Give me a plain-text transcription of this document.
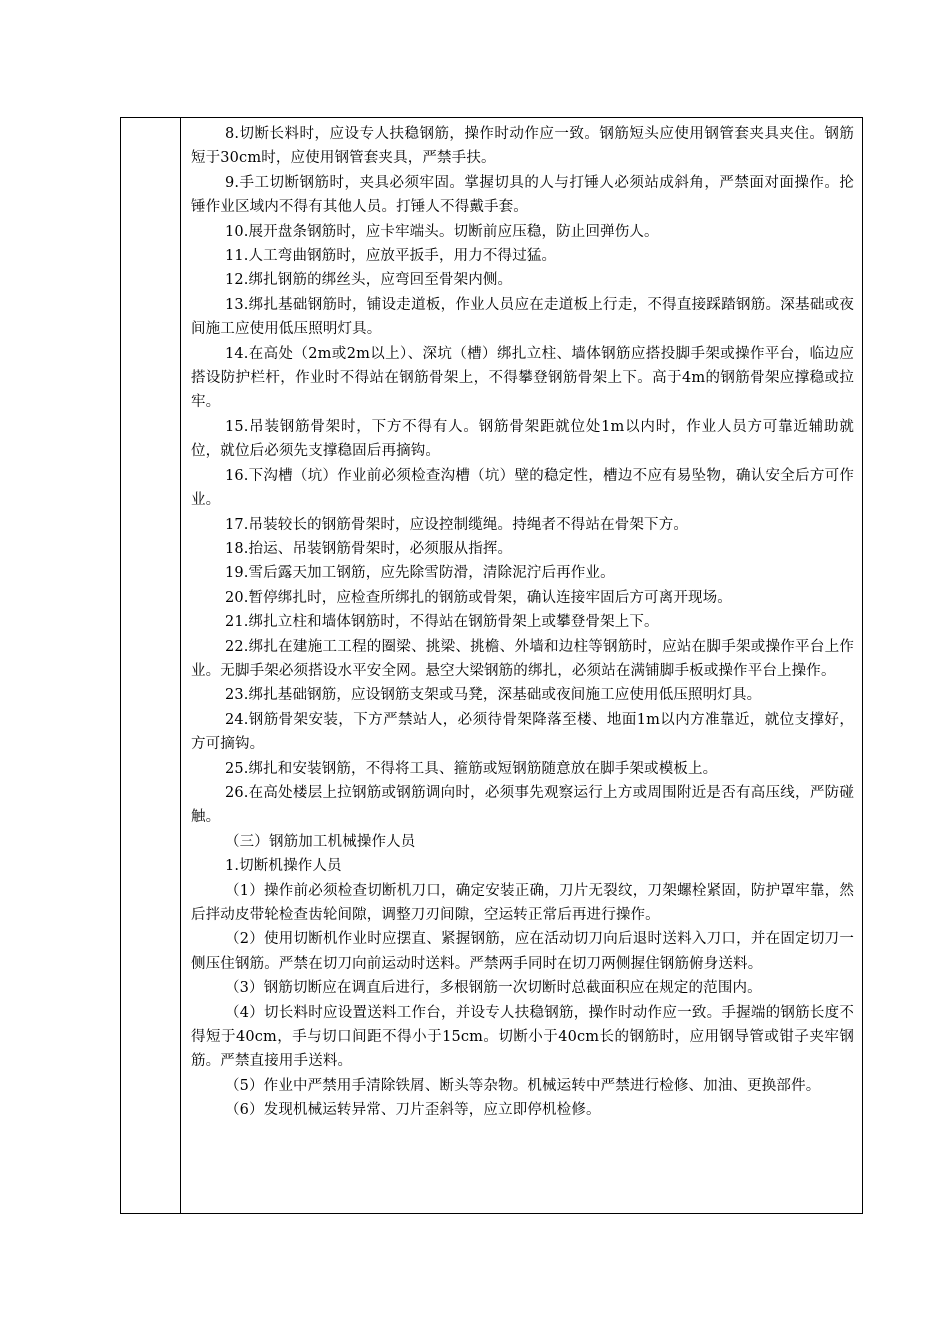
8.切断长料时，应设专人扶稳钢筋，操作时动作应一致。钢筋短头应使用钢管套夹具夹住。钢筋短于30cm时，应使用钢管套夹具，严禁手扶。

9.手工切断钢筋时，夹具必须牢固。掌握切具的人与打锤人必须站成斜角，严禁面对面操作。抡锤作业区域内不得有其他人员。打锤人不得戴手套。

10.展开盘条钢筋时，应卡牢端头。切断前应压稳，防止回弹伤人。

11.人工弯曲钢筋时，应放平扳手，用力不得过猛。

12.绑扎钢筋的绑丝头，应弯回至骨架内侧。

13.绑扎基础钢筋时，铺设走道板，作业人员应在走道板上行走，不得直接踩踏钢筋。深基础或夜间施工应使用低压照明灯具。

14.在高处（2m或2m以上）、深坑（槽）绑扎立柱、墙体钢筋应搭投脚手架或操作平台，临边应搭设防护栏杆，作业时不得站在钢筋骨架上，不得攀登钢筋骨架上下。高于4m的钢筋骨架应撑稳或拉牢。

15.吊装钢筋骨架时，下方不得有人。钢筋骨架距就位处1m以内时，作业人员方可靠近辅助就位，就位后必须先支撑稳固后再摘钩。

16.下沟槽（坑）作业前必须检查沟槽（坑）壁的稳定性，槽边不应有易坠物，确认安全后方可作业。

17.吊装较长的钢筋骨架时，应设控制缆绳。持绳者不得站在骨架下方。

18.抬运、吊装钢筋骨架时，必须服从指挥。

19.雪后露天加工钢筋，应先除雪防滑，清除泥泞后再作业。

20.暂停绑扎时，应检查所绑扎的钢筋或骨架，确认连接牢固后方可离开现场。

21.绑扎立柱和墙体钢筋时，不得站在钢筋骨架上或攀登骨架上下。

22.绑扎在建施工工程的圈梁、挑梁、挑檐、外墙和边柱等钢筋时，应站在脚手架或操作平台上作业。无脚手架必须搭设水平安全网。悬空大梁钢筋的绑扎，必须站在满铺脚手板或操作平台上操作。

23.绑扎基础钢筋，应设钢筋支架或马凳，深基础或夜间施工应使用低压照明灯具。

24.钢筋骨架安装，下方严禁站人，必须待骨架降落至楼、地面1m以内方准靠近，就位支撑好，方可摘钩。

25.绑扎和安装钢筋，不得将工具、箍筋或短钢筋随意放在脚手架或模板上。

26.在高处楼层上拉钢筋或钢筋调向时，必须事先观察运行上方或周围附近是否有高压线，严防碰触。

（三）钢筋加工机械操作人员

1.切断机操作人员

（1）操作前必须检查切断机刀口，确定安装正确，刀片无裂纹，刀架螺栓紧固，防护罩牢靠，然后拌动皮带轮检查齿轮间隙，调整刀刃间隙，空运转正常后再进行操作。

（2）使用切断机作业时应摆直、紧握钢筋，应在活动切刀向后退时送料入刀口，并在固定切刀一侧压住钢筋。严禁在切刀向前运动时送料。严禁两手同时在切刀两侧握住钢筋俯身送料。

（3）钢筋切断应在调直后进行，多根钢筋一次切断时总截面积应在规定的范围内。

（4）切长料时应设置送料工作台，并设专人扶稳钢筋，操作时动作应一致。手握端的钢筋长度不得短于40cm，手与切口间距不得小于15cm。切断小于40cm长的钢筋时，应用钢导管或钳子夹牢钢筋。严禁直接用手送料。

（5）作业中严禁用手清除铁屑、断头等杂物。机械运转中严禁进行检修、加油、更换部件。

（6）发现机械运转异常、刀片歪斜等，应立即停机检修。
